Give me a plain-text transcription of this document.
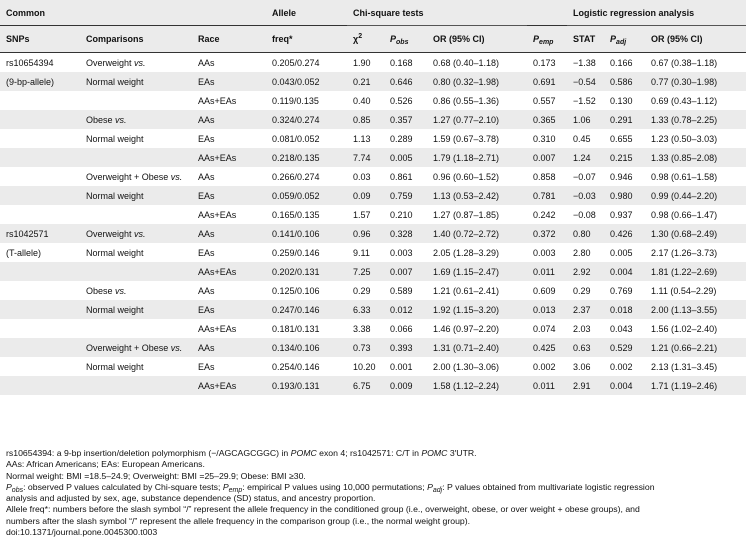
Common			Allele	Chi-square tests				Logistic regression analysis		
SNPs	Comparisons	Race	freq*	$\chi^2$	$P_{obs}$	OR (95% CI)	$P_{emp}$	STAT	$P_{adj}$	OR (95% CI)
rs10654394	Overweight vs.	AAs	0.205/0.274	1.90	0.168	0.68 (0.40–1.18)	0.173	−1.38	0.166	0.67 (0.38–1.18)
(9-bp-allele)	Normal weight	EAs	0.043/0.052	0.21	0.646	0.80 (0.32–1.98)	0.691	−0.54	0.586	0.77 (0.30–1.98)
		AAs+EAs	0.119/0.135	0.40	0.526	0.86 (0.55–1.36)	0.557	−1.52	0.130	0.69 (0.43–1.12)
	Obese vs.	AAs	0.324/0.274	0.85	0.357	1.27 (0.77–2.10)	0.365	1.06	0.291	1.33 (0.78–2.25)
	Normal weight	EAs	0.081/0.052	1.13	0.289	1.59 (0.67–3.78)	0.310	0.45	0.655	1.23 (0.50–3.03)
		AAs+EAs	0.218/0.135	7.74	0.005	1.79 (1.18–2.71)	0.007	1.24	0.215	1.33 (0.85–2.08)
	Overweight + Obese vs.	AAs	0.266/0.274	0.03	0.861	0.96 (0.60–1.52)	0.858	−0.07	0.946	0.98 (0.61–1.58)
	Normal weight	EAs	0.059/0.052	0.09	0.759	1.13 (0.53–2.42)	0.781	−0.03	0.980	0.99 (0.44–2.20)
		AAs+EAs	0.165/0.135	1.57	0.210	1.27 (0.87–1.85)	0.242	−0.08	0.937	0.98 (0.66–1.47)
rs1042571	Overweight vs.	AAs	0.141/0.106	0.96	0.328	1.40 (0.72–2.72)	0.372	0.80	0.426	1.30 (0.68–2.49)
(T-allele)	Normal weight	EAs	0.259/0.146	9.11	0.003	2.05 (1.28–3.29)	0.003	2.80	0.005	2.17 (1.26–3.73)
		AAs+EAs	0.202/0.131	7.25	0.007	1.69 (1.15–2.47)	0.011	2.92	0.004	1.81 (1.22–2.69)
	Obese vs.	AAs	0.125/0.106	0.29	0.589	1.21 (0.61–2.41)	0.609	0.29	0.769	1.11 (0.54–2.29)
	Normal weight	EAs	0.247/0.146	6.33	0.012	1.92 (1.15–3.20)	0.013	2.37	0.018	2.00 (1.13–3.55)
		AAs+EAs	0.181/0.131	3.38	0.066	1.46 (0.97–2.20)	0.074	2.03	0.043	1.56 (1.02–2.40)
	Overweight + Obese vs.	AAs	0.134/0.106	0.73	0.393	1.31 (0.71–2.40)	0.425	0.63	0.529	1.21 (0.66–2.21)
	Normal weight	EAs	0.254/0.146	10.20	0.001	2.00 (1.30–3.06)	0.002	3.06	0.002	2.13 (1.31–3.45)
		AAs+EAs	0.193/0.131	6.75	0.009	1.58 (1.12–2.24)	0.011	2.91	0.004	1.71 (1.19–2.46)

rs10654394: a 9-bp insertion/deletion polymorphism (−/AGCAGCGGC) in POMC exon 4; rs1042571: C/T in POMC 3′UTR.

AAs: African Americans; EAs: European Americans.

Normal weight: BMI =18.5–24.9; Overweight: BMI =25–29.9; Obese: BMI ≥30.

$P_{obs}$: observed P values calculated by Chi-square tests; $P_{emp}$: empirical P values using 10,000 permutations; $P_{adj}$: P values obtained from multivariate logistic regression

analysis and adjusted by sex, age, substance dependence (SD) status, and ancestry proportion.

Allele freq*: numbers before the slash symbol “/” represent the allele frequency in the conditioned group (i.e., overweight, obese, or over weight + obese groups), and

numbers after the slash symbol “/” represent the allele frequency in the comparison group (i.e., the normal weight group).

doi:10.1371/journal.pone.0045300.t003
